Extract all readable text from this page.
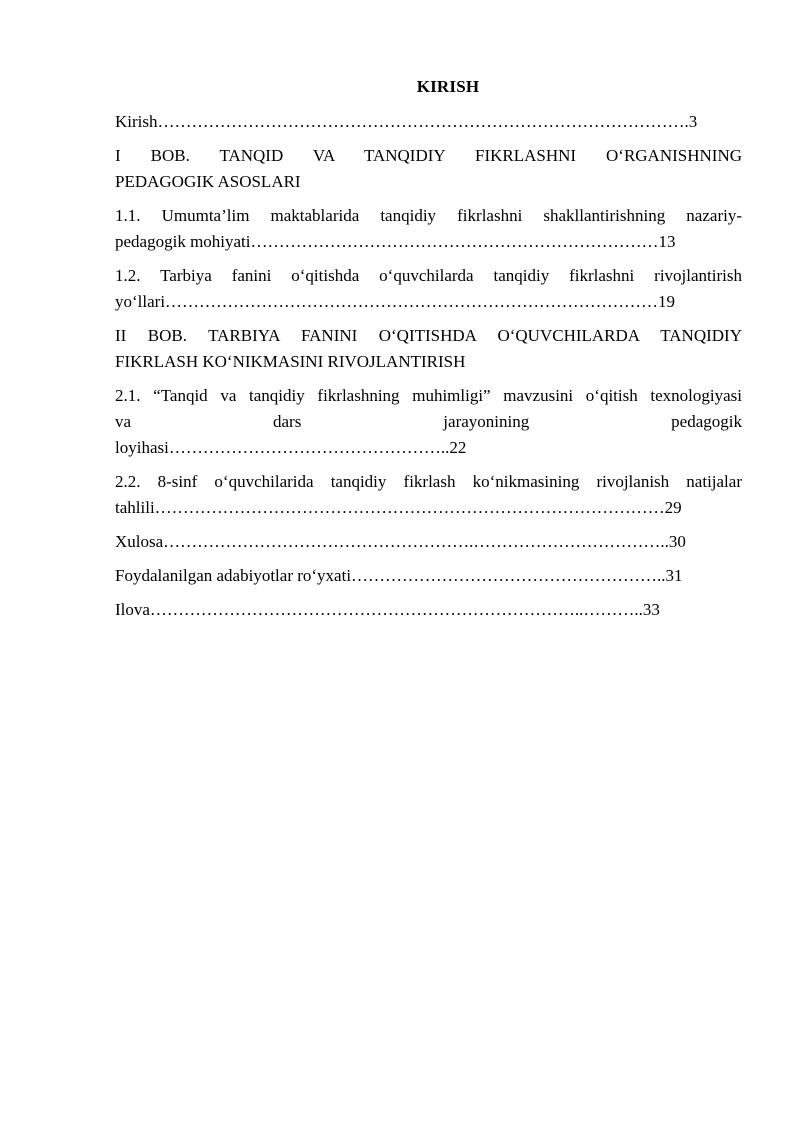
KIRISH
Kirish………………………………………………………………………………….3
I BOB. TANQID VA TANQIDIY FIKRLASHNI O‘RGANISHNING
PEDAGOGIK ASOSLARI
1.1. Umumta’lim maktablarida tanqidiy fikrlashni shakllantirishning nazariy-
pedagogik mohiyati………………………………………………………………13
1.2. Tarbiya fanini o‘qitishda o‘quvchilarda tanqidiy fikrlashni rivojlantirish
yo‘llari……………………………………………………………………………19
II BOB. TARBIYA FANINI O‘QITISHDA O‘QUVCHILARDA TANQIDIY
FIKRLASH KO‘NIKMASINI RIVOJLANTIRISH
2.1. “Tanqid va tanqidiy fikrlashning muhimligi” mavzusini o‘qitish texnologiyasi
va dars jarayonining pedagogik
loyihasi…………………………………………..22
2.2. 8-sinf o‘quvchilarida tanqidiy fikrlash ko‘nikmasining rivojlanish natijalar
tahlili………………………………………………………………………………29
Xulosa……………………………………………….……………………………..30
Foydalanilgan adabiyotlar ro‘yxati………………………………………………..31
Ilova…………………………………………………………………..………..33
